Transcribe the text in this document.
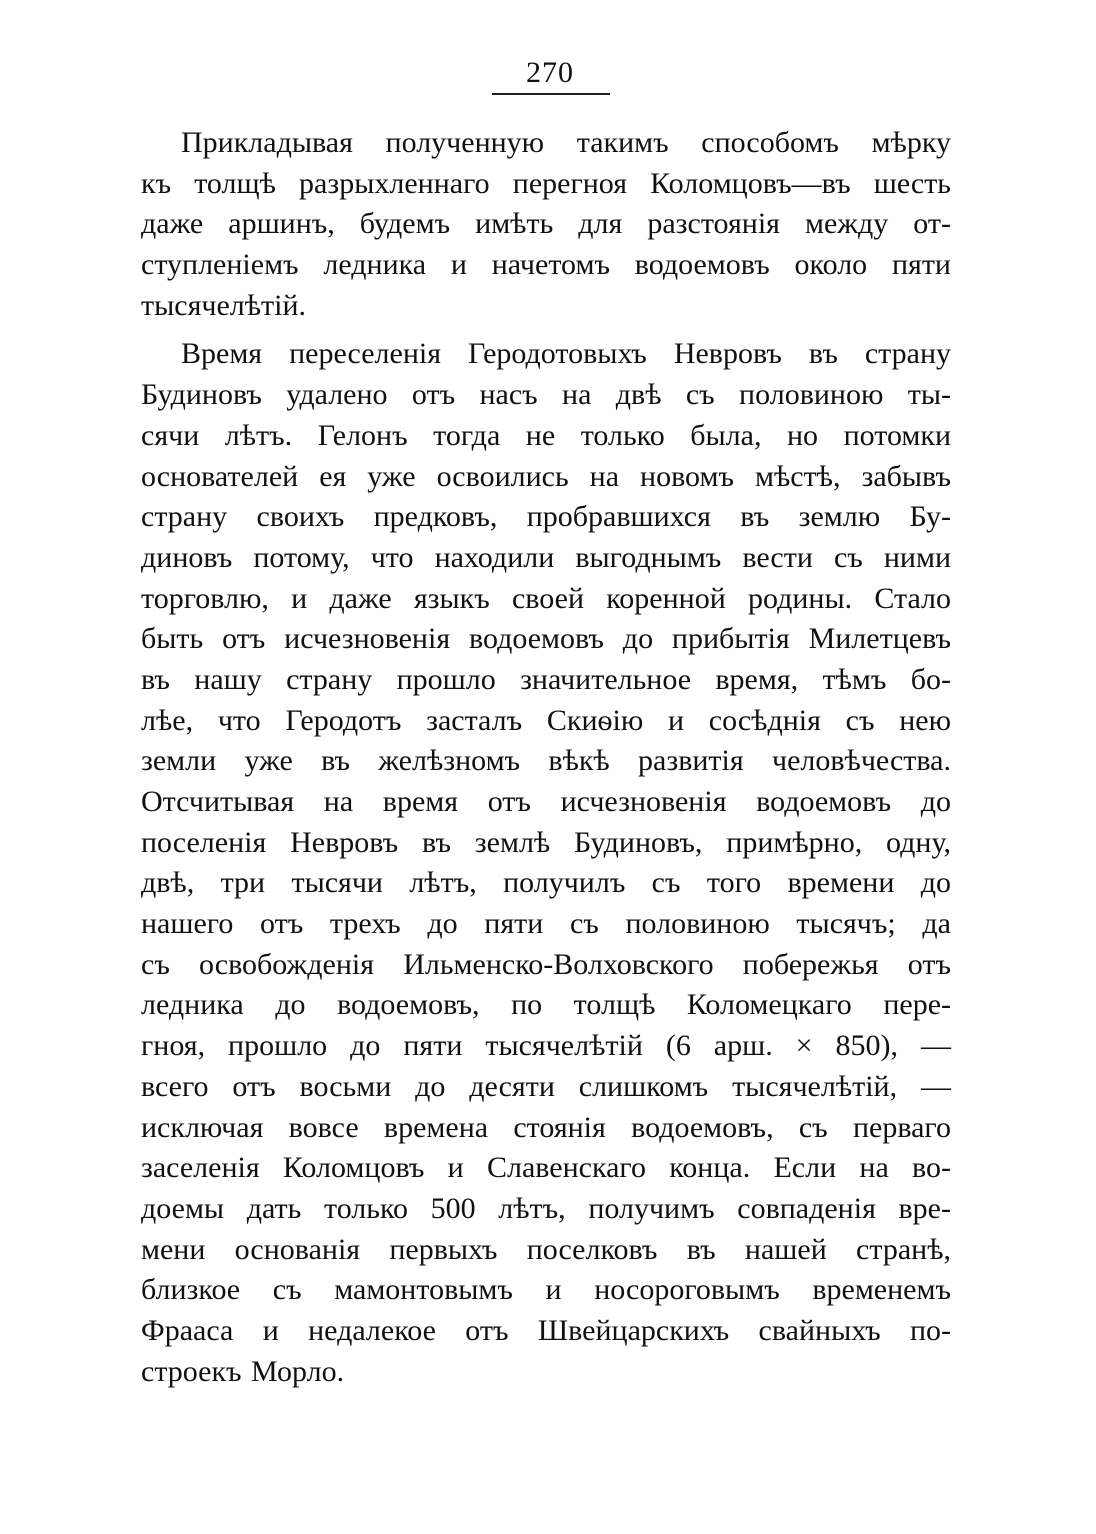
270
Прикладывая полученную такимъ способомъ мѣрку
къ толщѣ разрыхленнаго перегноя Коломцовъ—въ шесть
даже аршинъ, будемъ имѣть для разстоянія между от-
ступленіемъ ледника и начетомъ водоемовъ около пяти
тысячелѣтій.
Время переселенія Геродотовыхъ Невровъ въ страну
Будиновъ удалено отъ насъ на двѣ съ половиною ты-
сячи лѣтъ. Гелонъ тогда не только была, но потомки
основателей ея уже освоились на новомъ мѣстѣ, забывъ
страну своихъ предковъ, пробравшихся въ землю Бу-
диновъ потому, что находили выгоднымъ вести съ ними
торговлю, и даже языкъ своей коренной родины. Стало
быть отъ исчезновенія водоемовъ до прибытія Милетцевъ
въ нашу страну прошло значительное время, тѣмъ бо-
лѣе, что Геродотъ засталъ Скиѳію и сосѣднія съ нею
земли уже въ желѣзномъ вѣкѣ развитія человѣчества.
Отсчитывая на время отъ исчезновенія водоемовъ до
поселенія Невровъ въ землѣ Будиновъ, примѣрно, одну,
двѣ, три тысячи лѣтъ, получилъ съ того времени до
нашего отъ трехъ до пяти съ половиною тысячъ; да
съ освобожденія Ильменско-Волховского побережья отъ
ледника до водоемовъ, по толщѣ Коломецкаго пере-
гноя, прошло до пяти тысячелѣтій (6 арш. × 850), —
всего отъ восьми до десяти слишкомъ тысячелѣтій, —
исключая вовсе времена стоянія водоемовъ, съ перваго
заселенія Коломцовъ и Славенскаго конца. Если на во-
доемы дать только 500 лѣтъ, получимъ совпаденія вре-
мени основанія первыхъ поселковъ въ нашей странѣ,
близкое съ мамонтовымъ и носороговымъ временемъ
Фрааса и недалекое отъ Швейцарскихъ свайныхъ по-
строекъ Морло.
